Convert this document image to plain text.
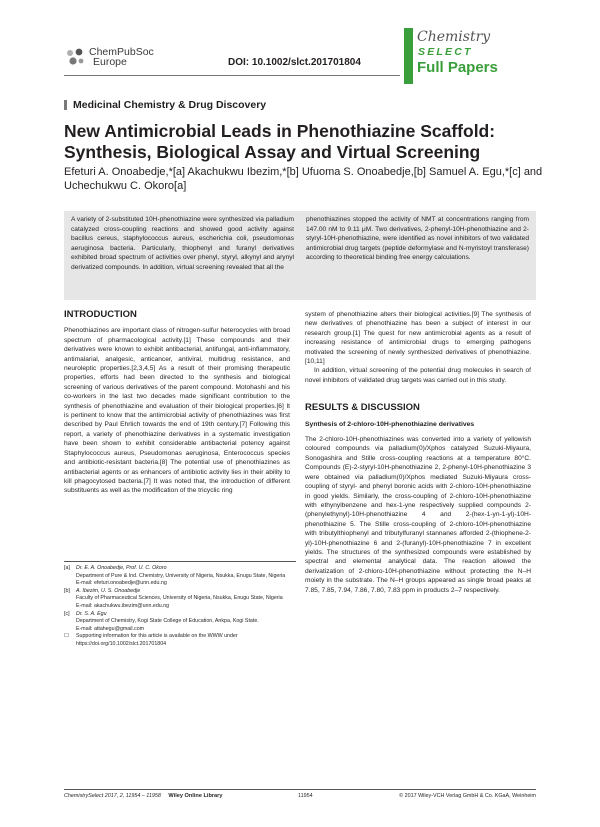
ChemPubSoc
Europe	DOI: 10.1002/slct.201701804
Chemistry
SELECT
Full Papers
Medicinal Chemistry & Drug Discovery
New Antimicrobial Leads in Phenothiazine Scaffold: Synthesis, Biological Assay and Virtual Screening
Efeturi A. Onoabedje,*[a] Akachukwu Ibezim,*[b] Ufuoma S. Onoabedje,[b] Samuel A. Egu,*[c] and Uchechukwu C. Okoro[a]
A variety of 2-substituted 10H-phenothiazine were synthesized via palladium catalyzed cross-coupling reactions and showed good activity against bacillus cereus, staphylococcus aureus, escherichia coli, pseudomonas aeruginosa bacteria. Particularly, thiophenyl and furanyl derivatives exhibited broad spectrum of activities over phenyl, styryl, alkynyl and arynyl derivatized compounds. In addition, virtual screening revealed that all the
phenothiazines stopped the activity of NMT at concentrations ranging from 147.00 nM to 9.11 μM. Two derivatives, 2-phenyl-10H-phenothiazine and 2-styryl-10H-phenothiazine, were identified as novel inhibitors of two validated antimicrobial drug targets (peptide deformylase and N-myristoyl transferase) according to theoretical binding free energy calculations.
INTRODUCTION
Phenothiazines are important class of nitrogen-sulfur heterocycles with broad spectrum of pharmacological activity.[1] These compounds and their derivatives were known to exhibit antibacterial, antifungal, anti-inflammatory, antimalarial, analgesic, anticancer, antiviral, multidrug resistance, and neuroleptic properties.[2,3,4,5] As a result of their promising therapeutic properties, efforts had been directed to the synthesis and biological screening of various derivatives of the parent compound. Motohashi and his co-workers in the last two decades made significant contribution to the synthesis of phenothiazine and evaluation of their biological properties.[6] It is pertinent to know that the antimicrobial activity of phenothiazines was first described by Paul Ehrlich towards the end of 19th century.[7] Following this report, a variety of phenothiazine derivatives in a systematic investigation have been shown to exhibit considerable antibacterial potency against Staphylococcus aureus, Pseudomonas aeruginosa, Enterococcus species and antibiotic-resistant bacteria.[8] The potential use of phenothiazines as antibacterial agents or as enhancers of antibiotic activity lies in their ability to kill phagocytosed bacteria.[7] It was noted that, the introduction of different substituents as well as the modification of the tricyclic ring
system of phenothiazine alters their biological activities.[9] The synthesis of new derivatives of phenothiazine has been a subject of interest in our research group.[1] The quest for new antimicrobial agents as a result of increasing resistance of antimicrobial drugs to emerging pathogens motivated the screening of newly synthesized derivatives of phenothiazine.[10,11]
In addition, virtual screening of the potential drug molecules in search of novel inhibitors of validated drug targets was carried out in this study.
RESULTS & DISCUSSION
Synthesis of 2-chloro-10H-phenothiazine derivatives
The 2-chloro-10H-phenothiazines was converted into a variety of yellowish coloured compounds via palladium(0)/Xphos catalyzed Suzuki-Miyaura, Sonogashira and Stille cross-coupling reactions at a temperature 80°C. Compounds (E)-2-styryl-10H-phenothiazine 2, 2-phenyl-10H-phenothiazine 3 were obtained via palladium(0)/Xphos mediated Suzuki-Miyaura cross-coupling of styryl- and phenyl boronic acids with 2-chloro-10H-phenothiazine in good yields. Similarly, the cross-coupling of 2-chloro-10H-phenothiazine with ethynylbenzene and hex-1-yne respectively supplied compounds 2-(phenylethynyl)-10H-phenothiazine 4 and 2-(hex-1-yn-1-yl)-10H-phenothiazine 5. The Stille cross-coupling of 2-chloro-10H-phenothiazine with tributylthiophenyl and tributylfuranyl stannanes afforded 2-(thiophene-2-yl)-10H-phenothiazine 6 and 2-(furanyl)-10H-phenothiazine 7 in excellent yields. The structures of the synthesized compounds were established by spectral and elemental analytical data. The reaction allowed the derivatization of 2-chloro-10H-phenothiazine without protecting the N–H moiety in the substrate. The N–H groups appeared as single broad peaks at 7.85, 7.85, 7.94, 7.86, 7.80, 7.83 ppm in products 2–7 respectively.
[a]	Dr. E. A. Onoabedje, Prof. U. C. Okoro
Department of Pure & Ind. Chemistry, University of Nigeria, Nsukka, Enugu State, Nigeria
E-mail: efeturi.onoabedje@unn.edu.ng
[b]	A. Ibezim, U. S. Onoabedje
Faculty of Pharmaceutical Sciences, University of Nigeria, Nsukka, Enugu State, Nigeria
E-mail: akachukwu.ibezim@unn.edu.ng
[c]	Dr. S. A. Egu
Department of Chemistry, Kogi State College of Education, Ankpa, Kogi State.
E-mail: attahegu@gmail.com
☐	Supporting information for this article is available on the WWW under https://doi.org/10.1002/slct.201701804
ChemistrySelect 2017, 2, 11954 – 11958 Wiley Online Library	11954	© 2017 Wiley-VCH Verlag GmbH & Co. KGaA, Weinheim
